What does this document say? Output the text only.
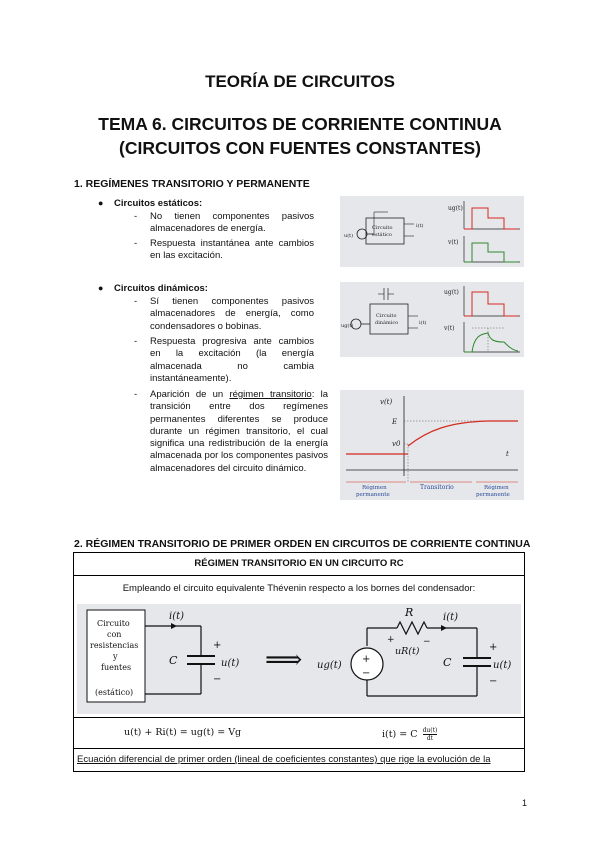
TEORÍA DE CIRCUITOS
TEMA 6. CIRCUITOS DE CORRIENTE CONTINUA
(CIRCUITOS CON FUENTES CONSTANTES)
1. REGÍMENES TRANSITORIO Y PERMANENTE
● Circuitos estáticos:
- No tienen componentes pasivos almacenadores de energía.
- Respuesta instantánea ante cambios en las excitación.
Circuito
estático
u(t)
i(t)
ug(t)
v(t)
● Circuitos dinámicos:
- Sí tienen componentes pasivos almacenadores de energía, como condensadores o bobinas.
- Respuesta progresiva ante cambios en la excitación (la energía almacenada no cambia instantáneamente).
Circuito
dinámico
ug(t)	i(t)
ug(t)
v(t)
- Aparición de un régimen transitorio: la transición entre dos regímenes permanentes diferentes se produce durante un régimen transitorio, el cual significa una redistribución de la energía almacenada por los componentes pasivos almacenadores del circuito dinámico.
v(t)
E
v0
t
Régimen
permanente
Transitorio	Régimen
permanente
2. RÉGIMEN TRANSITORIO DE PRIMER ORDEN EN CIRCUITOS DE CORRIENTE CONTINUA
RÉGIMEN TRANSITORIO EN UN CIRCUITO RC
Empleando el circuito equivalente Thévenin respecto a los bornes del condensador:
Circuito
con
resistencias
y
fuentes
(estático)
i(t)
C
+
u(t)
−
⟹	+
−
ug(t)
R
+	−
uR(t)
i(t)
C
+
u(t)
−
u(t) + Ri(t) = ug(t) = Vg	i(t) = C $\frac{du(t)}{dt}$
Ecuación diferencial de primer orden (lineal de coeficientes constantes) que rige la evolución de la
1
